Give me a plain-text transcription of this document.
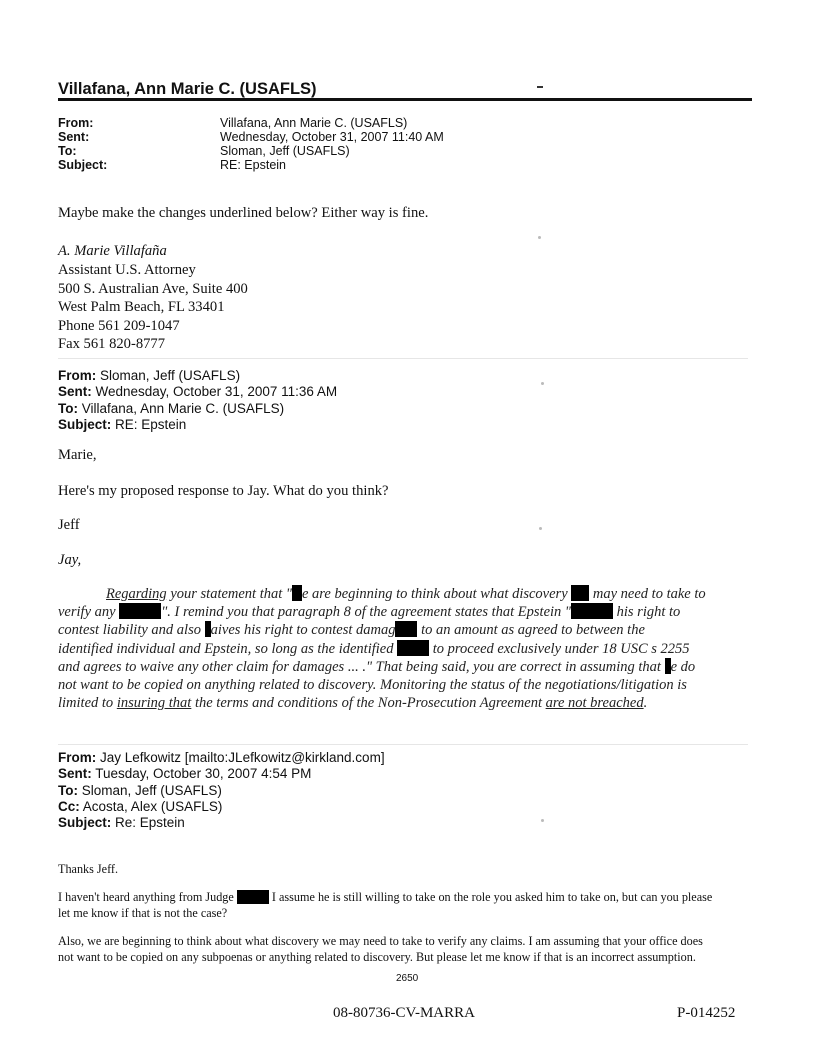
Villafana, Ann Marie C. (USAFLS)
From:	Villafana, Ann Marie C. (USAFLS)
Sent:	Wednesday, October 31, 2007 11:40 AM
To:	Sloman, Jeff (USAFLS)
Subject:	RE: Epstein
Maybe make the changes underlined below? Either way is fine.
A. Marie Villafaña
Assistant U.S. Attorney
500 S. Australian Ave, Suite 400
West Palm Beach, FL 33401
Phone 561 209-1047
Fax 561 820-8777
From: Sloman, Jeff (USAFLS)
Sent: Wednesday, October 31, 2007 11:36 AM
To: Villafana, Ann Marie C. (USAFLS)
Subject: RE: Epstein
Marie,
Here's my proposed response to Jay. What do you think?
Jeff
Jay,
Regarding your statement that " e are beginning to think about what discovery may need to take to
verify any	". I remind you that paragraph 8 of the agreement states that Epstein "	his right to
contest liability and also aives his right to contest damag to an amount as agreed to between the
identified individual and Epstein, so long as the identified	to proceed exclusively under 18 USC s 2255
and agrees to waive any other claim for damages ... ." That being said, you are correct in assuming that e do
not want to be copied on anything related to discovery. Monitoring the status of the negotiations/litigation is
limited to insuring that the terms and conditions of the Non-Prosecution Agreement are not breached.
From: Jay Lefkowitz [mailto:JLefkowitz@kirkland.com]
Sent: Tuesday, October 30, 2007 4:54 PM
To: Sloman, Jeff (USAFLS)
Cc: Acosta, Alex (USAFLS)
Subject: Re: Epstein
Thanks Jeff.
I haven't heard anything from Judge	I assume he is still willing to take on the role you asked him to take on, but can you please
let me know if that is not the case?
Also, we are beginning to think about what discovery we may need to take to verify any claims. I am assuming that your office does
not want to be copied on any subpoenas or anything related to discovery. But please let me know if that is an incorrect assumption.
2650
08-80736-CV-MARRA	P-014252
